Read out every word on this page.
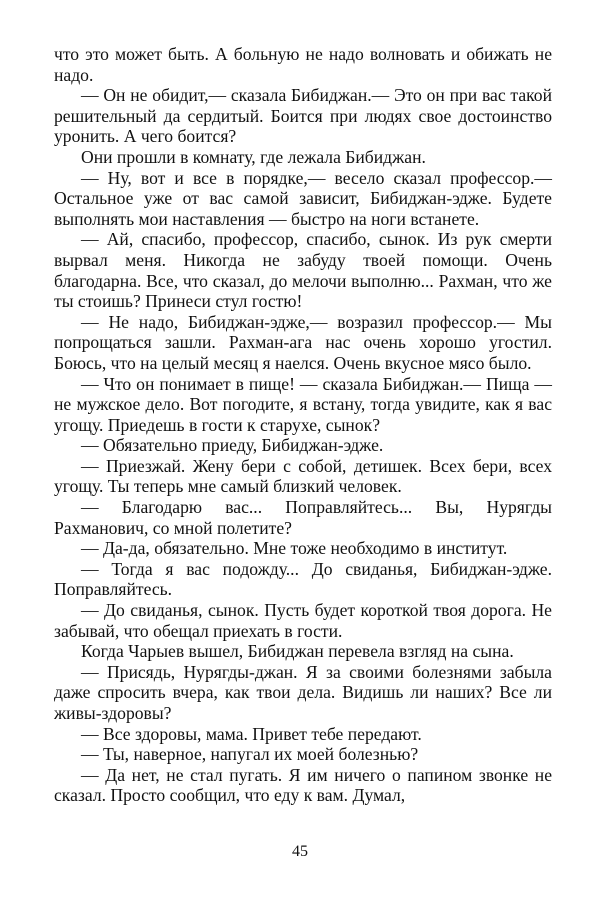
что это может быть. А больную не надо волновать и обижать не надо.

— Он не обидит,— сказала Бибиджан.— Это он при вас такой решительный да сердитый. Боится при людях свое достоинство уронить. А чего боится?

Они прошли в комнату, где лежала Бибиджан.

— Ну, вот и все в порядке,— весело сказал профессор.— Остальное уже от вас самой зависит, Бибиджан-эдже. Будете выполнять мои наставления — быстро на ноги встанете.

— Ай, спасибо, профессор, спасибо, сынок. Из рук смерти вырвал меня. Никогда не забуду твоей помощи. Очень благодарна. Все, что сказал, до мелочи выполню... Рахман, что же ты стоишь? Принеси стул гостю!

— Не надо, Бибиджан-эдже,— возразил профессор.— Мы попрощаться зашли. Рахман-ага нас очень хорошо угостил. Боюсь, что на целый месяц я наелся. Очень вкусное мясо было.

— Что он понимает в пище! — сказала Бибиджан.— Пища — не мужское дело. Вот погодите, я встану, тогда увидите, как я вас угощу. Приедешь в гости к старухе, сынок?

— Обязательно приеду, Бибиджан-эдже.

— Приезжай. Жену бери с собой, детишек. Всех бери, всех угощу. Ты теперь мне самый близкий человек.

— Благодарю вас... Поправляйтесь... Вы, Нурягды Рахманович, со мной полетите?

— Да-да, обязательно. Мне тоже необходимо в институт.

— Тогда я вас подожду... До свиданья, Бибиджан-эдже. Поправляйтесь.

— До свиданья, сынок. Пусть будет короткой твоя дорога. Не забывай, что обещал приехать в гости.

Когда Чарыев вышел, Бибиджан перевела взгляд на сына.

— Присядь, Нурягды-джан. Я за своими болезнями забыла даже спросить вчера, как твои дела. Видишь ли наших? Все ли живы-здоровы?

— Все здоровы, мама. Привет тебе передают.

— Ты, наверное, напугал их моей болезнью?

— Да нет, не стал пугать. Я им ничего о папином звонке не сказал. Просто сообщил, что еду к вам. Думал,

45
